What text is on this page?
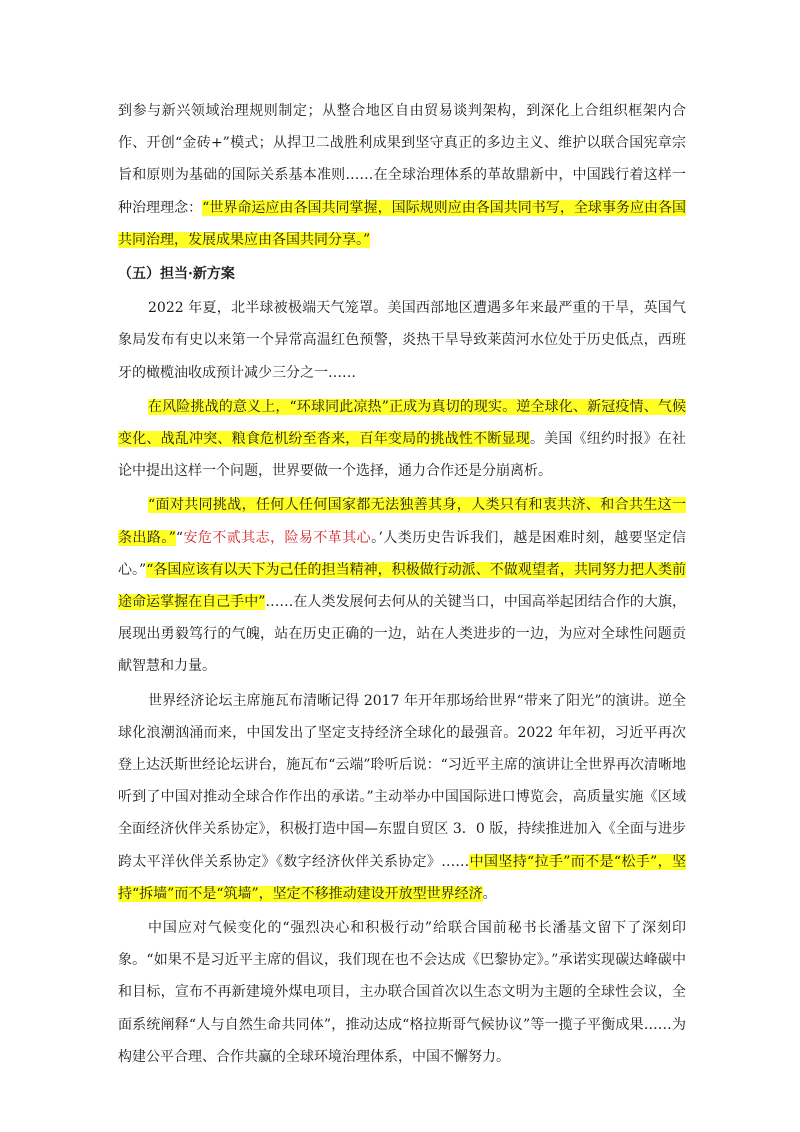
到参与新兴领域治理规则制定；从整合地区自由贸易谈判架构，到深化上合组织框架内合作、开创“金砖+”模式；从捍卫二战胜利成果到坚守真正的多边主义、维护以联合国宪章宗旨和原则为基础的国际关系基本准则……在全球治理体系的革故鼎新中，中国践行着这样一种治理理念：“世界命运应由各国共同掌握，国际规则应由各国共同书写，全球事务应由各国共同治理，发展成果应由各国共同分享。”

（五）担当·新方案

2022 年夏，北半球被极端天气笼罩。美国西部地区遭遇多年来最严重的干旱，英国气象局发布有史以来第一个异常高温红色预警，炎热干旱导致莱茵河水位处于历史低点，西班牙的橄榄油收成预计减少三分之一……

在风险挑战的意义上，“环球同此凉热”正成为真切的现实。逆全球化、新冠疫情、气候变化、战乱冲突、粮食危机纷至沓来，百年变局的挑战性不断显现。美国《纽约时报》在社论中提出这样一个问题，世界要做一个选择，通力合作还是分崩离析。

“面对共同挑战，任何人任何国家都无法独善其身，人类只有和衷共济、和合共生这一条出路。”“安危不贰其志，险易不革其心。’人类历史告诉我们，越是困难时刻，越要坚定信心。”“各国应该有以天下为己任的担当精神，积极做行动派、不做观望者，共同努力把人类前途命运掌握在自己手中”……在人类发展何去何从的关键当口，中国高举起团结合作的大旗，展现出勇毅笃行的气魄，站在历史正确的一边，站在人类进步的一边，为应对全球性问题贡献智慧和力量。

世界经济论坛主席施瓦布清晰记得 2017 年开年那场给世界“带来了阳光”的演讲。逆全球化浪潮汹涌而来，中国发出了坚定支持经济全球化的最强音。2022 年年初，习近平再次登上达沃斯世经论坛讲台，施瓦布“云端”聆听后说：“习近平主席的演讲让全世界再次清晰地听到了中国对推动全球合作作出的承诺。”主动举办中国国际进口博览会，高质量实施《区域全面经济伙伴关系协定》，积极打造中国—东盟自贸区 3．0 版，持续推进加入《全面与进步跨太平洋伙伴关系协定》《数字经济伙伴关系协定》……中国坚持“拉手”而不是“松手”，坚持“拆墙”而不是“筑墙”，坚定不移推动建设开放型世界经济。

中国应对气候变化的“强烈决心和积极行动”给联合国前秘书长潘基文留下了深刻印象。“如果不是习近平主席的倡议，我们现在也不会达成《巴黎协定》。”承诺实现碳达峰碳中和目标，宣布不再新建境外煤电项目，主办联合国首次以生态文明为主题的全球性会议，全面系统阐释“人与自然生命共同体”，推动达成“格拉斯哥气候协议”等一揽子平衡成果……为构建公平合理、合作共赢的全球环境治理体系，中国不懈努力。
